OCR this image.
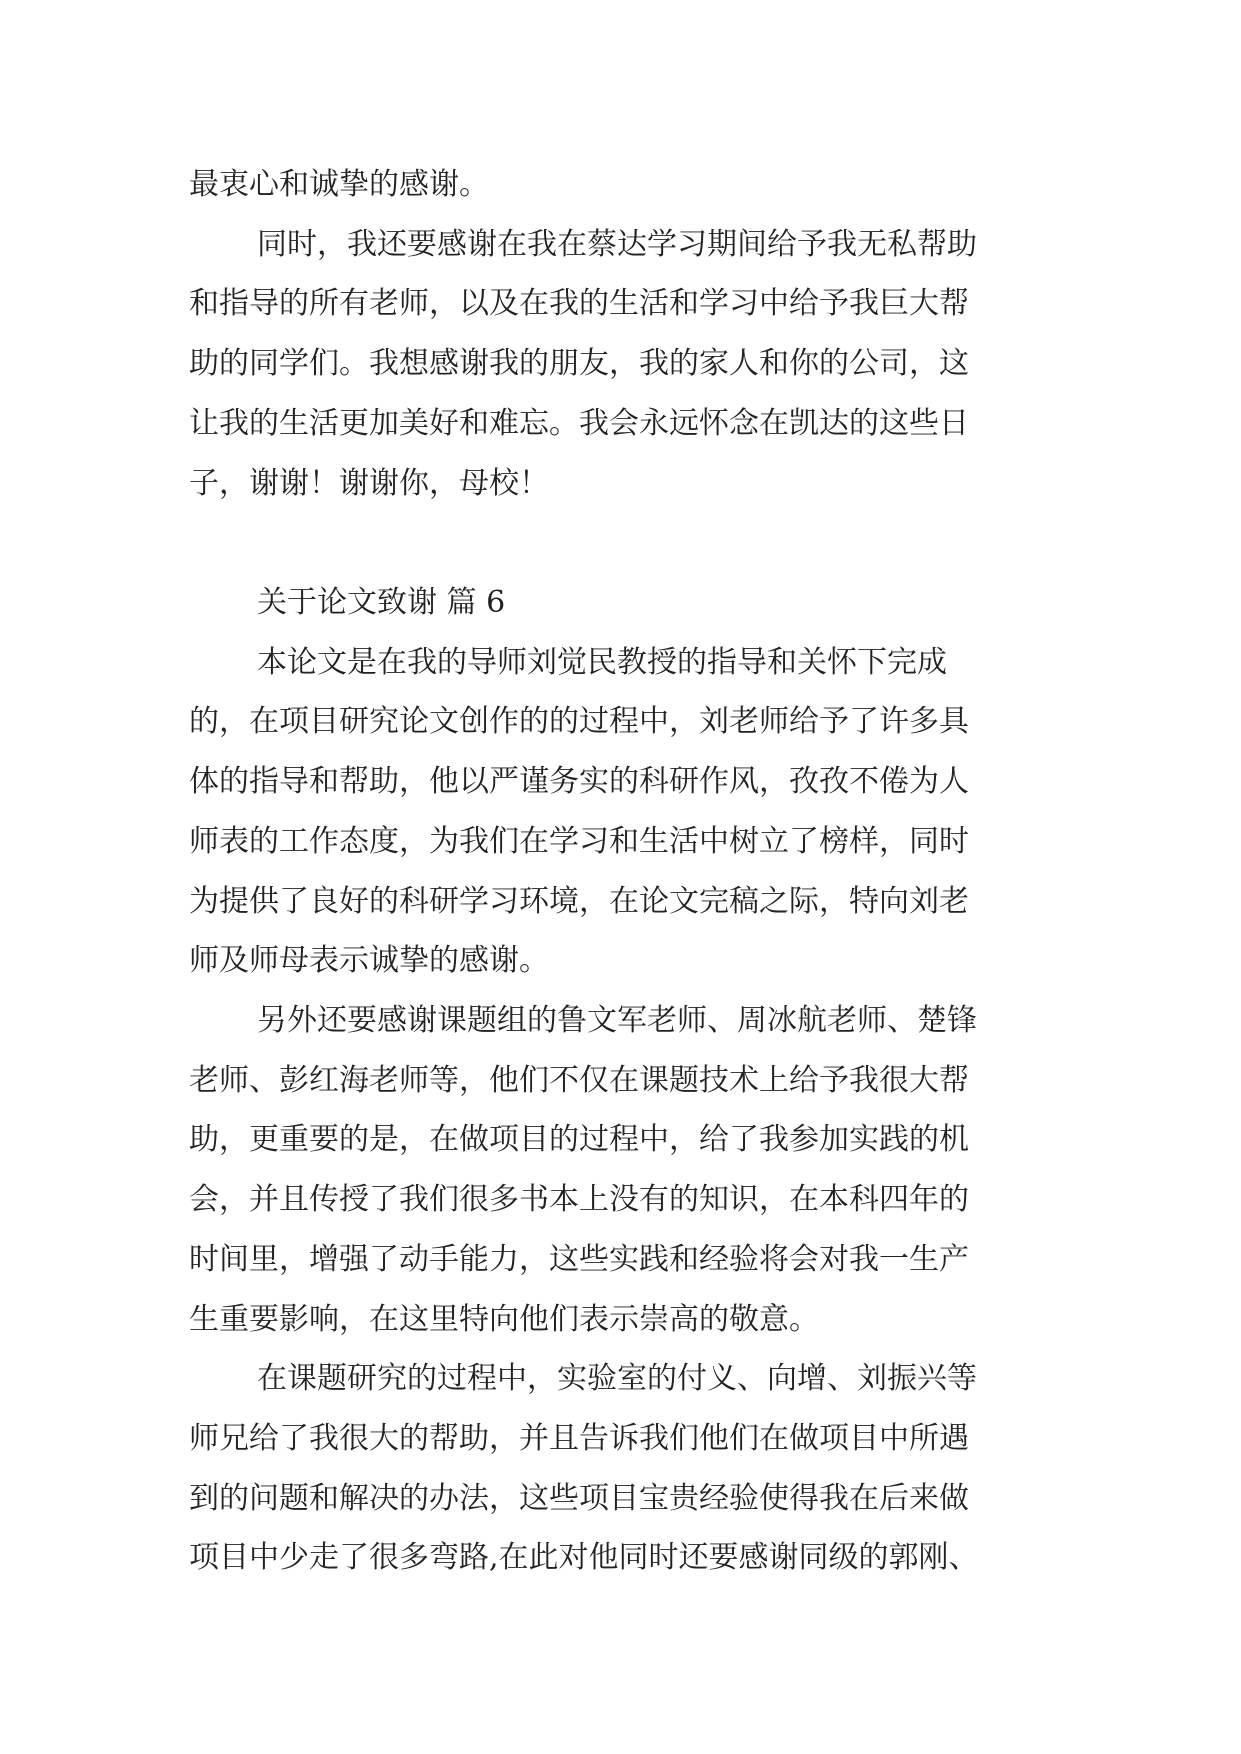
最衷心和诚挚的感谢。
同时，我还要感谢在我在蔡达学习期间给予我无私帮助
和指导的所有老师，以及在我的生活和学习中给予我巨大帮
助的同学们。我想感谢我的朋友，我的家人和你的公司，这
让我的生活更加美好和难忘。我会永远怀念在凯达的这些日
子，谢谢！谢谢你，母校！
关于论文致谢 篇 6
本论文是在我的导师刘觉民教授的指导和关怀下完成
的，在项目研究论文创作的的过程中，刘老师给予了许多具
体的指导和帮助，他以严谨务实的科研作风，孜孜不倦为人
师表的工作态度，为我们在学习和生活中树立了榜样，同时
为提供了良好的科研学习环境，在论文完稿之际，特向刘老
师及师母表示诚挚的感谢。
另外还要感谢课题组的鲁文军老师、周冰航老师、楚锋
老师、彭红海老师等，他们不仅在课题技术上给予我很大帮
助，更重要的是，在做项目的过程中，给了我参加实践的机
会，并且传授了我们很多书本上没有的知识，在本科四年的
时间里，增强了动手能力，这些实践和经验将会对我一生产
生重要影响，在这里特向他们表示崇高的敬意。
在课题研究的过程中，实验室的付义、向增、刘振兴等
师兄给了我很大的帮助，并且告诉我们他们在做项目中所遇
到的问题和解决的办法，这些项目宝贵经验使得我在后来做
项目中少走了很多弯路,在此对他同时还要感谢同级的郭刚、
